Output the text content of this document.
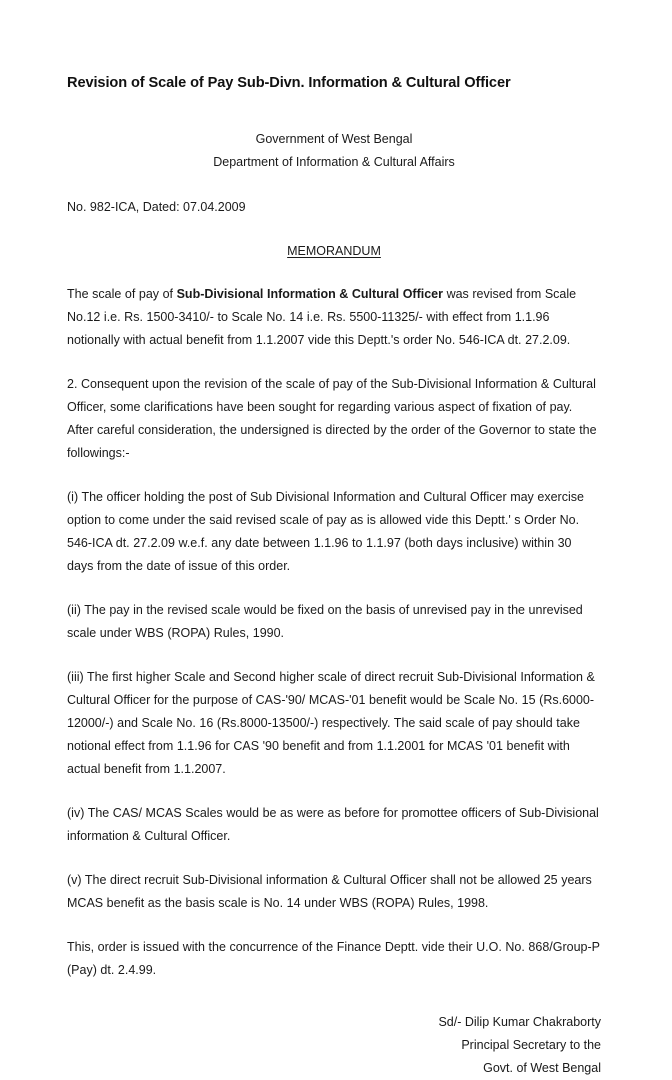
Revision of Scale of Pay Sub-Divn. Information & Cultural Officer
Government of West Bengal
Department of Information & Cultural Affairs
No. 982-ICA, Dated: 07.04.2009
MEMORANDUM

The scale of pay of Sub-Divisional Information & Cultural Officer was revised from Scale No.12 i.e. Rs. 1500-3410/- to Scale No. 14 i.e. Rs. 5500-11325/- with effect from 1.1.96 notionally with actual benefit from 1.1.2007 vide this Deptt.'s order No. 546-ICA dt. 27.2.09.

2. Consequent upon the revision of the scale of pay of the Sub-Divisional Information & Cultural Officer, some clarifications have been sought for regarding various aspect of fixation of pay. After careful consideration, the undersigned is directed by the order of the Governor to state the followings:-

(i) The officer holding the post of Sub Divisional Information and Cultural Officer may exercise option to come under the said revised scale of pay as is allowed vide this Deptt.' s Order No. 546-ICA dt. 27.2.09 w.e.f. any date between 1.1.96 to 1.1.97 (both days inclusive) within 30 days from the date of issue of this order.

(ii) The pay in the revised scale would be fixed on the basis of unrevised pay in the unrevised scale under WBS (ROPA) Rules, 1990.

(iii) The first higher Scale and Second higher scale of direct recruit Sub-Divisional Information & Cultural Officer for the purpose of CAS-'90/ MCAS-'01 benefit would be Scale No. 15 (Rs.6000-12000/-) and Scale No. 16 (Rs.8000-13500/-) respectively. The said scale of pay should take notional effect from 1.1.96 for CAS '90 benefit and from 1.1.2001 for MCAS '01 benefit with actual benefit from 1.1.2007.

(iv) The CAS/ MCAS Scales would be as were as before for promottee officers of Sub-Divisional information & Cultural Officer.

(v) The direct recruit Sub-Divisional information & Cultural Officer shall not be allowed 25 years MCAS benefit as the basis scale is No. 14 under WBS (ROPA) Rules, 1998.

This, order is issued with the concurrence of the Finance Deptt. vide their U.O. No. 868/Group-P (Pay) dt. 2.4.99.

Sd/- Dilip Kumar Chakraborty
Principal Secretary to the
Govt. of West Bengal
